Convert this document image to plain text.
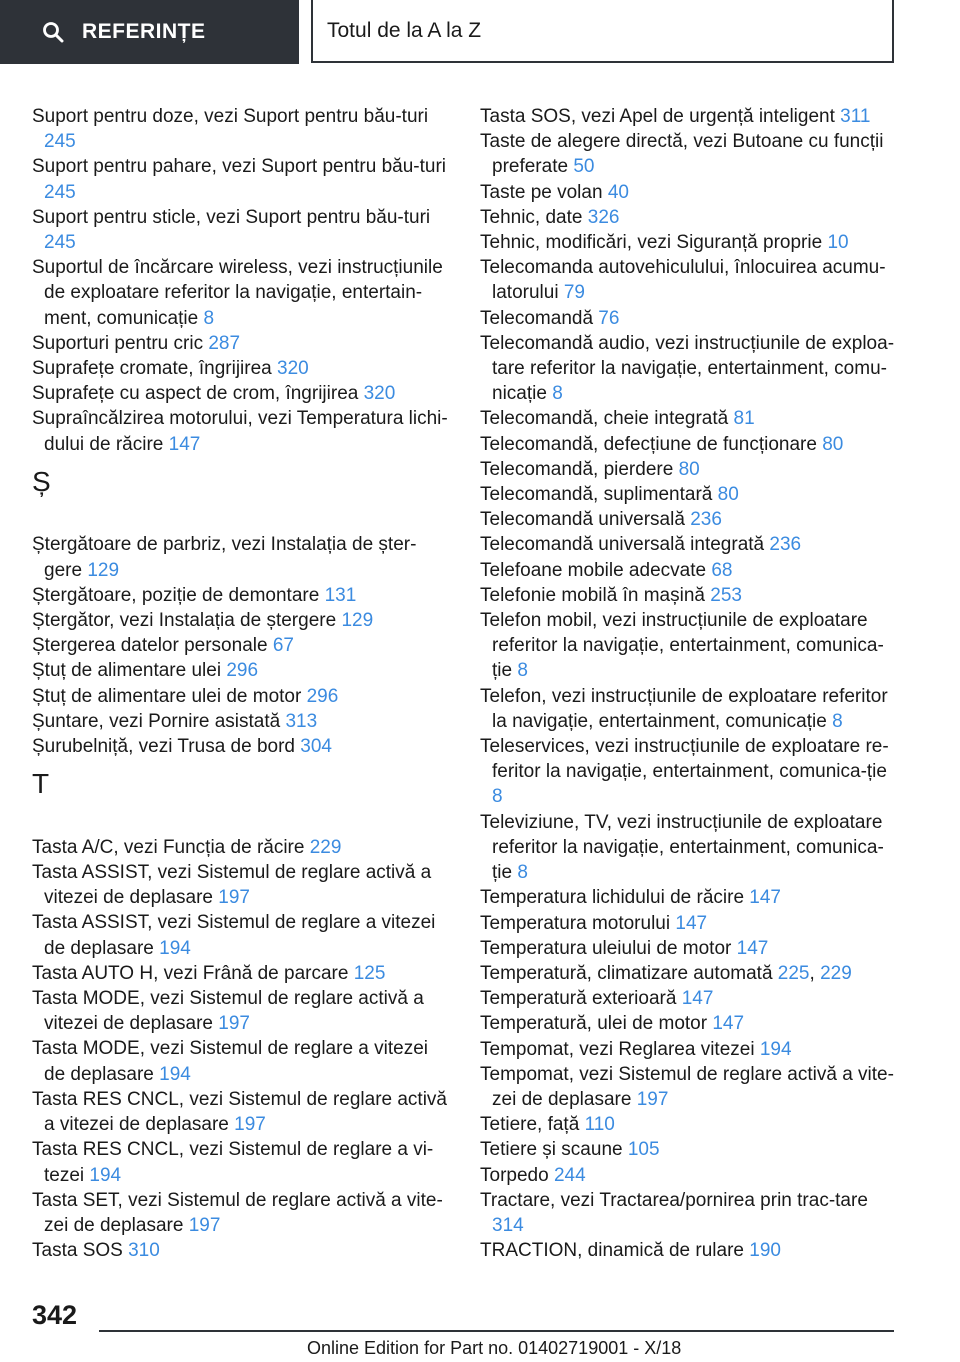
REFERINȚE	Totul de la A la Z
Suport pentru doze, vezi Suport pentru bău-turi 245
Suport pentru pahare, vezi Suport pentru bău-turi 245
Suport pentru sticle, vezi Suport pentru bău-turi 245
Suportul de încărcare wireless, vezi instrucțiunile de exploatare referitor la navigație, entertain-ment, comunicație 8
Suporturi pentru cric 287
Suprafețe cromate, îngrijirea 320
Suprafețe cu aspect de crom, îngrijirea 320
Supraîncălzirea motorului, vezi Temperatura lichi-dului de răcire 147
Ș
Ștergătoare de parbriz, vezi Instalația de șter-gere 129
Ștergătoare, poziție de demontare 131
Ștergător, vezi Instalația de ștergere 129
Ștergerea datelor personale 67
Ștuț de alimentare ulei 296
Ștuț de alimentare ulei de motor 296
Șuntare, vezi Pornire asistată 313
Șurubelniță, vezi Trusa de bord 304
T
Tasta A/C, vezi Funcția de răcire 229
Tasta ASSIST, vezi Sistemul de reglare activă a vitezei de deplasare 197
Tasta ASSIST, vezi Sistemul de reglare a vitezei de deplasare 194
Tasta AUTO H, vezi Frână de parcare 125
Tasta MODE, vezi Sistemul de reglare activă a vitezei de deplasare 197
Tasta MODE, vezi Sistemul de reglare a vitezei de deplasare 194
Tasta RES CNCL, vezi Sistemul de reglare activă a vitezei de deplasare 197
Tasta RES CNCL, vezi Sistemul de reglare a vi-tezei 194
Tasta SET, vezi Sistemul de reglare activă a vite-zei de deplasare 197
Tasta SOS 310
Tasta SOS, vezi Apel de urgență inteligent 311
Taste de alegere directă, vezi Butoane cu funcții preferate 50
Taste pe volan 40
Tehnic, date 326
Tehnic, modificări, vezi Siguranță proprie 10
Telecomanda autovehiculului, înlocuirea acumu-latorului 79
Telecomandă 76
Telecomandă audio, vezi instrucțiunile de exploa-tare referitor la navigație, entertainment, comu-nicație 8
Telecomandă, cheie integrată 81
Telecomandă, defecțiune de funcționare 80
Telecomandă, pierdere 80
Telecomandă, suplimentară 80
Telecomandă universală 236
Telecomandă universală integrată 236
Telefoane mobile adecvate 68
Telefonie mobilă în mașină 253
Telefon mobil, vezi instrucțiunile de exploatare referitor la navigație, entertainment, comunica-ție 8
Telefon, vezi instrucțiunile de exploatare referitor la navigație, entertainment, comunicație 8
Teleservices, vezi instrucțiunile de exploatare re-feritor la navigație, entertainment, comunica-ție 8
Televiziune, TV, vezi instrucțiunile de exploatare referitor la navigație, entertainment, comunica-ție 8
Temperatura lichidului de răcire 147
Temperatura motorului 147
Temperatura uleiului de motor 147
Temperatură, climatizare automată 225, 229
Temperatură exterioară 147
Temperatură, ulei de motor 147
Tempomat, vezi Reglarea vitezei 194
Tempomat, vezi Sistemul de reglare activă a vite-zei de deplasare 197
Tetiere, față 110
Tetiere și scaune 105
Torpedo 244
Tractare, vezi Tractarea/pornirea prin trac-tare 314
TRACTION, dinamică de rulare 190
342
Online Edition for Part no. 01402719001 - X/18
